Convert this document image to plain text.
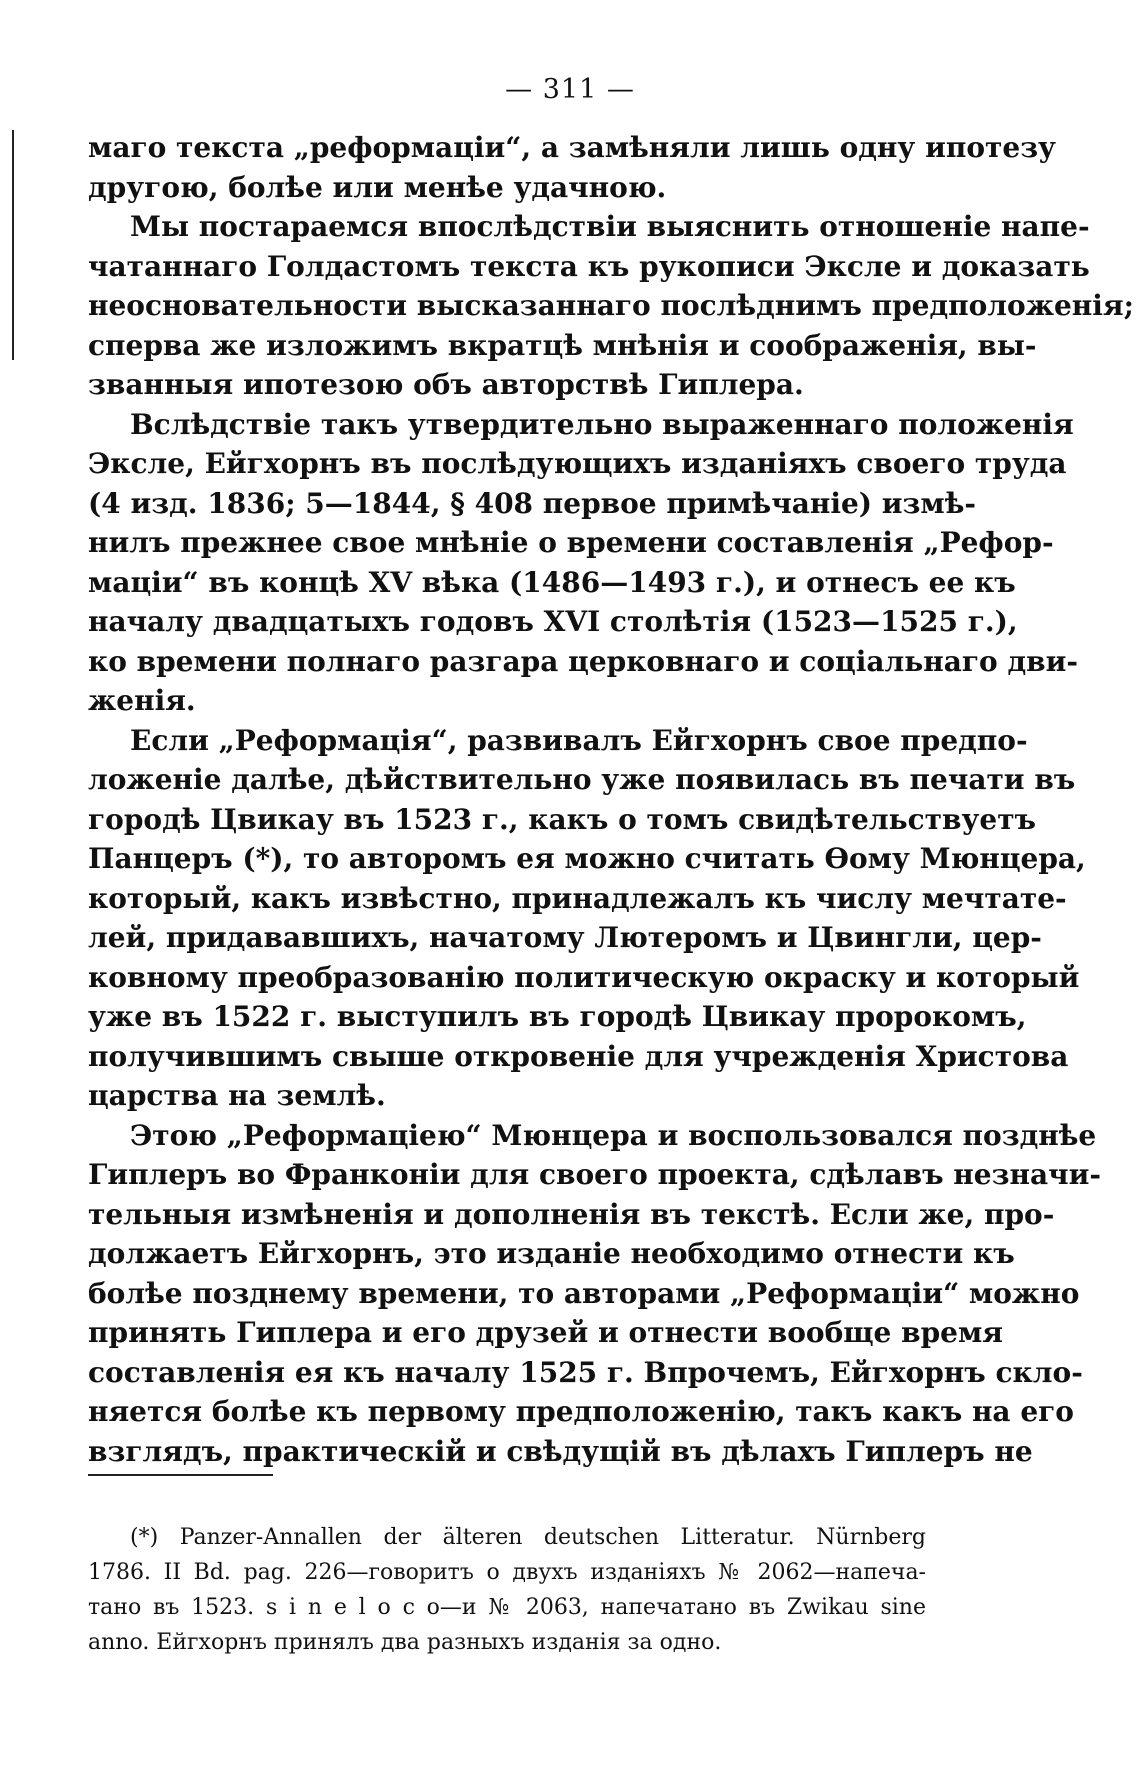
— 311 —
маго текста „реформаціи“, а замѣняли лишь одну ипотезу
другою, болѣе или менѣе удачною.
Мы постараемся впослѣдствіи выяснить отношеніе напе-
чатаннаго Голдастомъ текста къ рукописи Эксле и доказать
неосновательности высказаннаго послѣднимъ предположенія;
сперва же изложимъ вкратцѣ мнѣнія и соображенія, вы-
званныя ипотезою объ авторствѣ Гиплера.
Вслѣдствіе такъ утвердительно выраженнаго положенія
Эксле, Ейгхорнъ въ послѣдующихъ изданіяхъ своего труда
(4 изд. 1836; 5—1844, § 408 первое примѣчаніе) измѣ-
нилъ прежнее свое мнѣніе о времени составленія „Рефор-
маціи“ въ концѣ XV вѣка (1486—1493 г.), и отнесъ ее къ
началу двадцатыхъ годовъ XVI столѣтія (1523—1525 г.),
ко времени полнаго разгара церковнаго и соціальнаго дви-
женія.
Если „Реформація“, развивалъ Ейгхорнъ свое предпо-
ложеніе далѣе, дѣйствительно уже появилась въ печати въ
городѣ Цвикау въ 1523 г., какъ о томъ свидѣтельствуетъ
Панцеръ (*), то авторомъ ея можно считать Ѳому Мюнцера,
который, какъ извѣстно, принадлежалъ къ числу мечтате-
лей, придававшихъ, начатому Лютеромъ и Цвингли, цер-
ковному преобразованію политическую окраску и который
уже въ 1522 г. выступилъ въ городѣ Цвикау пророкомъ,
получившимъ свыше откровеніе для учрежденія Христова
царства на землѣ.
Этою „Реформаціею“ Мюнцера и воспользовался позднѣе
Гиплеръ во Франконіи для своего проекта, сдѣлавъ незначи-
тельныя измѣненія и дополненія въ текстѣ. Если же, про-
должаетъ Ейгхорнъ, это изданіе необходимо отнести къ
болѣе позднему времени, то авторами „Реформаціи“ можно
принять Гиплера и его друзей и отнести вообще время
составленія ея къ началу 1525 г. Впрочемъ, Ейгхорнъ скло-
няется болѣе къ первому предположенію, такъ какъ на его
взглядъ, практическій и свѣдущій въ дѣлахъ Гиплеръ не
(*) Panzer-Annallen der älteren deutschen Litteratur. Nürnberg
1786. II Bd. pag. 226—говоритъ о двухъ изданіяхъ № 2062—напеча-
тано въ 1523. s i n e l o c o—и № 2063, напечатано въ Zwikau sine
anno. Ейгхорнъ принялъ два разныхъ изданія за одно.
